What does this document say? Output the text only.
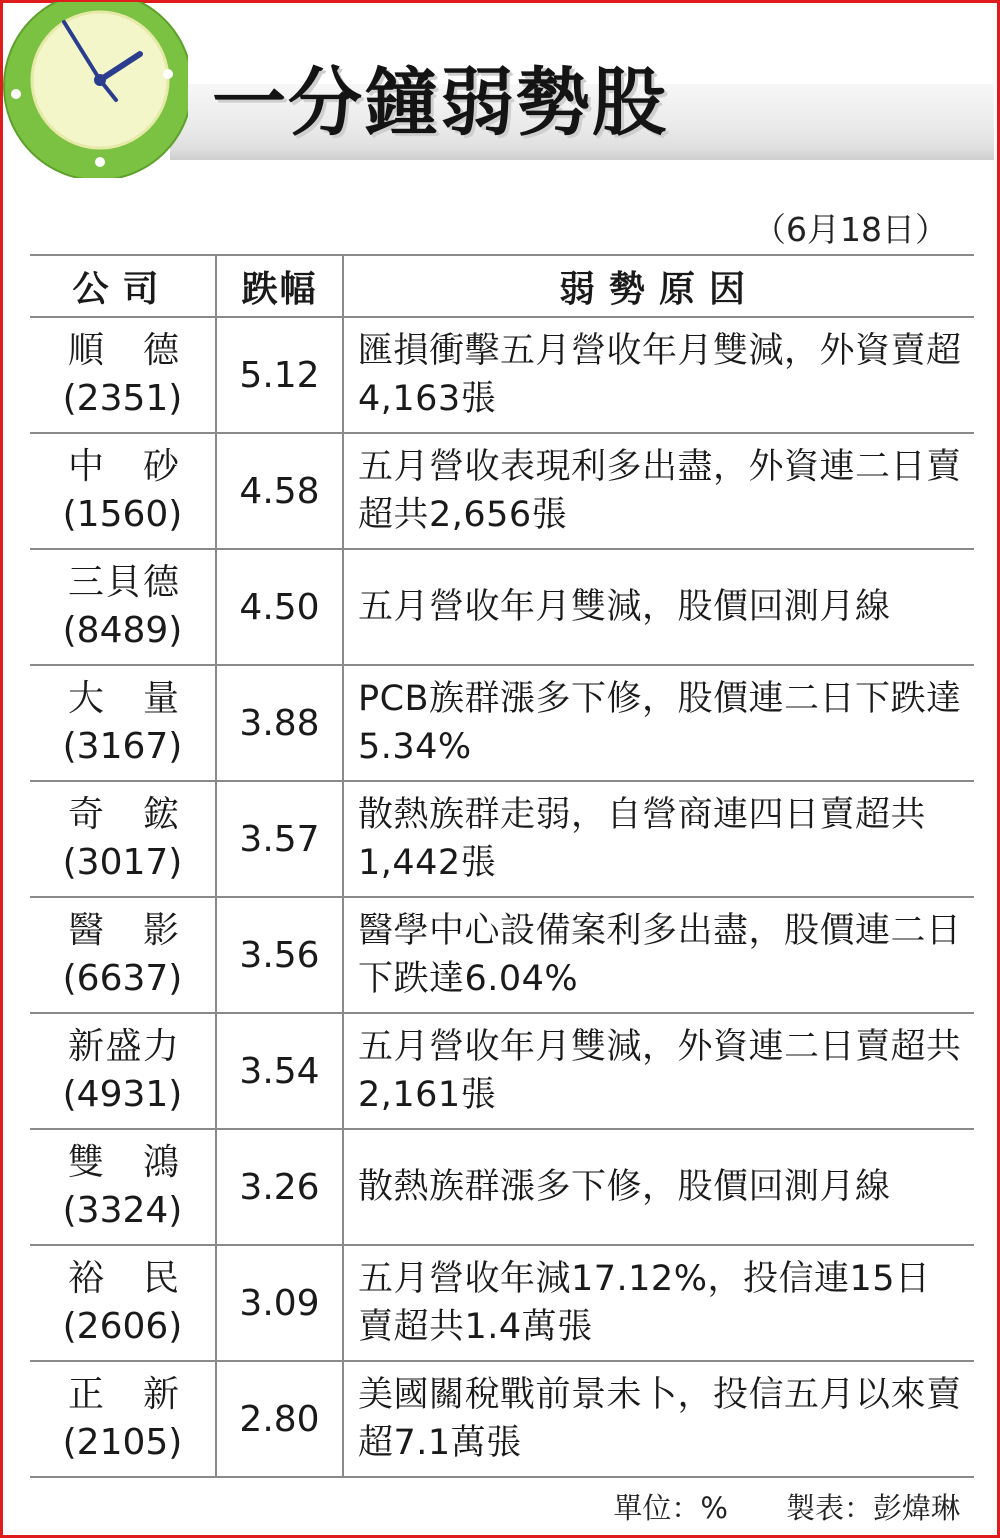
一分鐘弱勢股
（6月18日）
公司	跌幅	弱勢原因

順德
(2351)	5.12	匯損衝擊五月營收年月雙減，外資賣超4,163張

中砂
(1560)	4.58	五月營收表現利多出盡，外資連二日賣超共2,656張

三貝德
(8489)	4.50	五月營收年月雙減，股價回測月線

大量
(3167)	3.88	PCB族群漲多下修，股價連二日下跌達5.34%

奇鋐
(3017)	3.57	散熱族群走弱，自營商連四日賣超共1,442張

醫影
(6637)	3.56	醫學中心設備案利多出盡，股價連二日下跌達6.04%

新盛力
(4931)	3.54	五月營收年月雙減，外資連二日賣超共2,161張

雙鴻
(3324)	3.26	散熱族群漲多下修，股價回測月線

裕民
(2606)	3.09	五月營收年減17.12%，投信連15日賣超共1.4萬張

正新
(2105)	2.80	美國關稅戰前景未卜，投信五月以來賣超7.1萬張
單位：% 製表：彭煒琳
